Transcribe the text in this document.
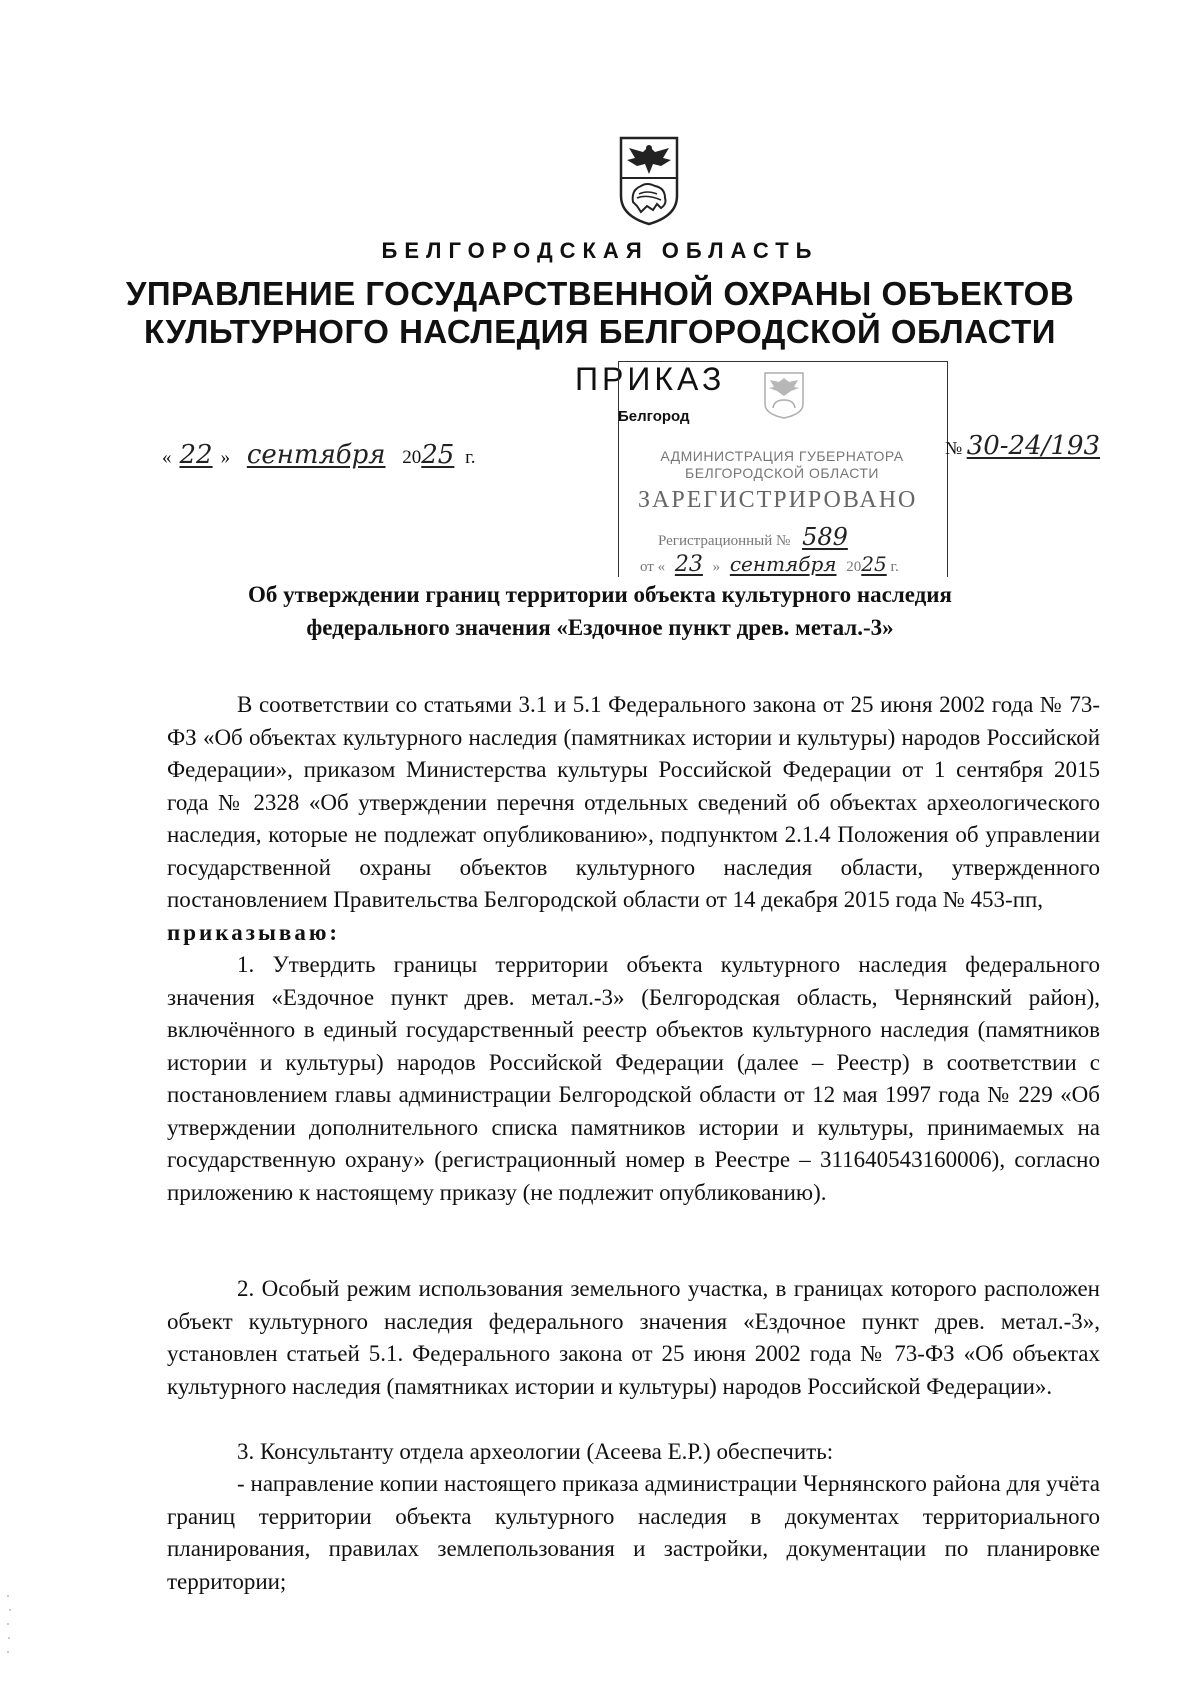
БЕЛГОРОДСКАЯ ОБЛАСТЬ
УПРАВЛЕНИЕ ГОСУДАРСТВЕННОЙ ОХРАНЫ ОБЪЕКТОВ
КУЛЬТУРНОГО НАСЛЕДИЯ БЕЛГОРОДСКОЙ ОБЛАСТИ
ПРИКАЗ
Белгород
АДМИНИСТРАЦИЯ ГУБЕРНАТОРА
БЕЛГОРОДСКОЙ ОБЛАСТИ
ЗАРЕГИСТРИРОВАНО
Регистрационный № 589
от « 23 » сентября 2025 г.
« 22 » сентября 2025 г.	№ 30-24/193
Об утверждении границ территории объекта культурного наследия
федерального значения «Ездочное пункт древ. метал.-3»
В соответствии со статьями 3.1 и 5.1 Федерального закона от 25 июня 2002 года № 73-ФЗ «Об объектах культурного наследия (памятниках истории и культуры) народов Российской Федерации», приказом Министерства культуры Российской Федерации от 1 сентября 2015 года № 2328 «Об утверждении перечня отдельных сведений об объектах археологического наследия, которые не подлежат опубликованию», подпунктом 2.1.4 Положения об управлении государственной охраны объектов культурного наследия области, утвержденного постановлением Правительства Белгородской области от 14 декабря 2015 года № 453-пп,
приказываю:
1. Утвердить границы территории объекта культурного наследия федерального значения «Ездочное пункт древ. метал.-3» (Белгородская область, Чернянский район), включённого в единый государственный реестр объектов культурного наследия (памятников истории и культуры) народов Российской Федерации (далее – Реестр) в соответствии с постановлением главы администрации Белгородской области от 12 мая 1997 года № 229 «Об утверждении дополнительного списка памятников истории и культуры, принимаемых на государственную охрану» (регистрационный номер в Реестре – 311640543160006), согласно приложению к настоящему приказу (не подлежит опубликованию).
2. Особый режим использования земельного участка, в границах которого расположен объект культурного наследия федерального значения «Ездочное пункт древ. метал.-3», установлен статьей 5.1. Федерального закона от 25 июня 2002 года № 73-ФЗ «Об объектах культурного наследия (памятниках истории и культуры) народов Российской Федерации».
3. Консультанту отдела археологии (Асеева Е.Р.) обеспечить:
- направление копии настоящего приказа администрации Чернянского района для учёта границ территории объекта культурного наследия в документах территориального планирования, правилах землепользования и застройки, документации по планировке территории;
